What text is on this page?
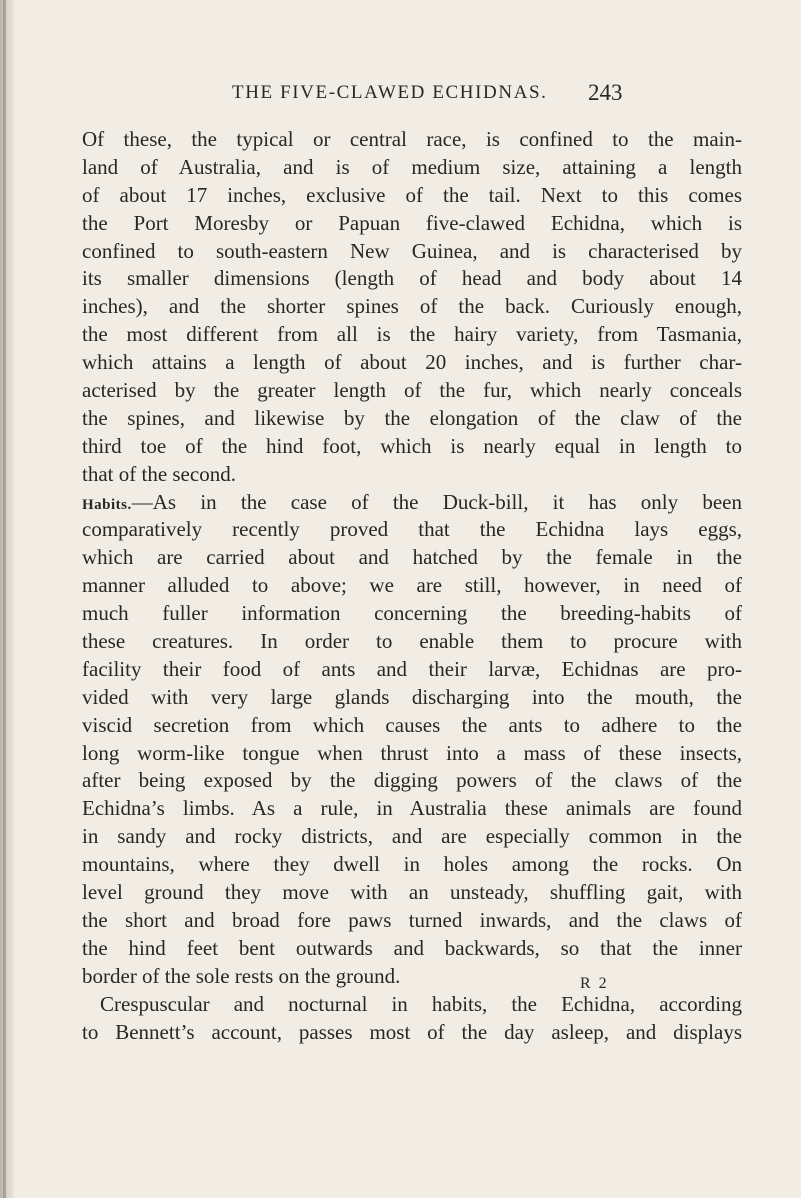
THE FIVE-CLAWED ECHIDNAS. 243
Of these, the typical or central race, is confined to the main-
land of Australia, and is of medium size, attaining a length
of about 17 inches, exclusive of the tail. Next to this comes
the Port Moresby or Papuan five-clawed Echidna, which is
confined to south-eastern New Guinea, and is characterised by
its smaller dimensions (length of head and body about 14
inches), and the shorter spines of the back. Curiously enough,
the most different from all is the hairy variety, from Tasmania,
which attains a length of about 20 inches, and is further char-
acterised by the greater length of the fur, which nearly conceals
the spines, and likewise by the elongation of the claw of the
third toe of the hind foot, which is nearly equal in length to
that of the second.
Habits.—As in the case of the Duck-bill, it has only been
comparatively recently proved that the Echidna lays eggs,
which are carried about and hatched by the female in the
manner alluded to above; we are still, however, in need of
much fuller information concerning the breeding-habits of
these creatures. In order to enable them to procure with
facility their food of ants and their larvæ, Echidnas are pro-
vided with very large glands discharging into the mouth, the
viscid secretion from which causes the ants to adhere to the
long worm-like tongue when thrust into a mass of these insects,
after being exposed by the digging powers of the claws of the
Echidna’s limbs. As a rule, in Australia these animals are found
in sandy and rocky districts, and are especially common in the
mountains, where they dwell in holes among the rocks. On
level ground they move with an unsteady, shuffling gait, with
the short and broad fore paws turned inwards, and the claws of
the hind feet bent outwards and backwards, so that the inner
border of the sole rests on the ground.
Crespuscular and nocturnal in habits, the Echidna, according
to Bennett’s account, passes most of the day asleep, and displays
R 2
